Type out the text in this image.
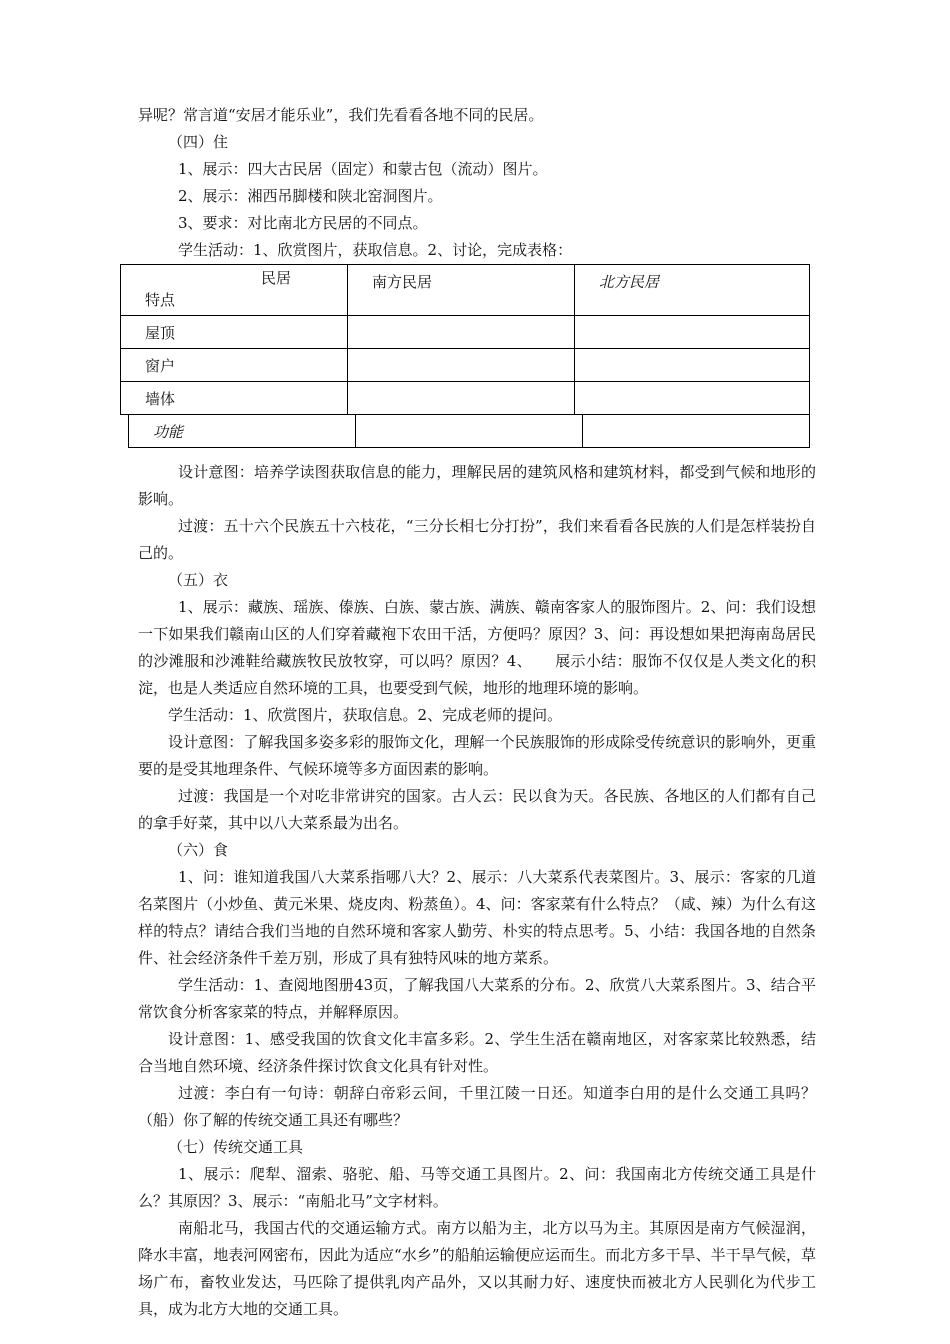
异呢？常言道“安居才能乐业”，我们先看看各地不同的民居。
（四）住
1、展示：四大古民居（固定）和蒙古包（流动）图片。
2、展示：湘西吊脚楼和陕北窑洞图片。
3、要求：对比南北方民居的不同点。
学生活动：1、欣赏图片，获取信息。2、讨论，完成表格：
民居
特点
南方民居	北方民居
屋顶
窗户
墙体
功能
设计意图：培养学读图获取信息的能力，理解民居的建筑风格和建筑材料，都受到气候和地形的影响。
过渡：五十六个民族五十六枝花，“三分长相七分打扮”，我们来看看各民族的人们是怎样装扮自己的。
（五）衣
1、展示：藏族、瑶族、傣族、白族、蒙古族、满族、赣南客家人的服饰图片。2、问：我们设想一下如果我们赣南山区的人们穿着藏袍下农田干活，方便吗？原因？3、问：再设想如果把海南岛居民的沙滩服和沙滩鞋给藏族牧民放牧穿，可以吗？原因？4、　　展示小结：服饰不仅仅是人类文化的积淀，也是人类适应自然环境的工具，也要受到气候，地形的地理环境的影响。
学生活动：1、欣赏图片，获取信息。2、完成老师的提问。
设计意图：了解我国多姿多彩的服饰文化，理解一个民族服饰的形成除受传统意识的影响外，更重要的是受其地理条件、气候环境等多方面因素的影响。
过渡：我国是一个对吃非常讲究的国家。古人云：民以食为天。各民族、各地区的人们都有自己的拿手好菜，其中以八大菜系最为出名。
（六）食
1、问：谁知道我国八大菜系指哪八大？2、展示：八大菜系代表菜图片。3、展示：客家的几道名菜图片（小炒鱼、黄元米果、烧皮肉、粉蒸鱼）。4、问：客家菜有什么特点？（咸、辣）为什么有这样的特点？请结合我们当地的自然环境和客家人勤劳、朴实的特点思考。5、小结：我国各地的自然条件、社会经济条件千差万别，形成了具有独特风味的地方菜系。
学生活动：1、查阅地图册43页，了解我国八大菜系的分布。2、欣赏八大菜系图片。3、结合平常饮食分析客家菜的特点，并解释原因。
设计意图：1、感受我国的饮食文化丰富多彩。2、学生生活在赣南地区，对客家菜比较熟悉，结合当地自然环境、经济条件探讨饮食文化具有针对性。
过渡：李白有一句诗：朝辞白帝彩云间，千里江陵一日还。知道李白用的是什么交通工具吗？（船）你了解的传统交通工具还有哪些？
（七）传统交通工具
1、展示：爬犁、溜索、骆驼、船、马等交通工具图片。2、问：我国南北方传统交通工具是什么？其原因？3、展示：“南船北马”文字材料。
南船北马，我国古代的交通运输方式。南方以船为主，北方以马为主。其原因是南方气候湿润，降水丰富，地表河网密布，因此为适应“水乡”的船舶运输便应运而生。而北方多干旱、半干旱气候，草场广布，畜牧业发达，马匹除了提供乳肉产品外，又以其耐力好、速度快而被北方人民驯化为代步工具，成为北方大地的交通工具。
